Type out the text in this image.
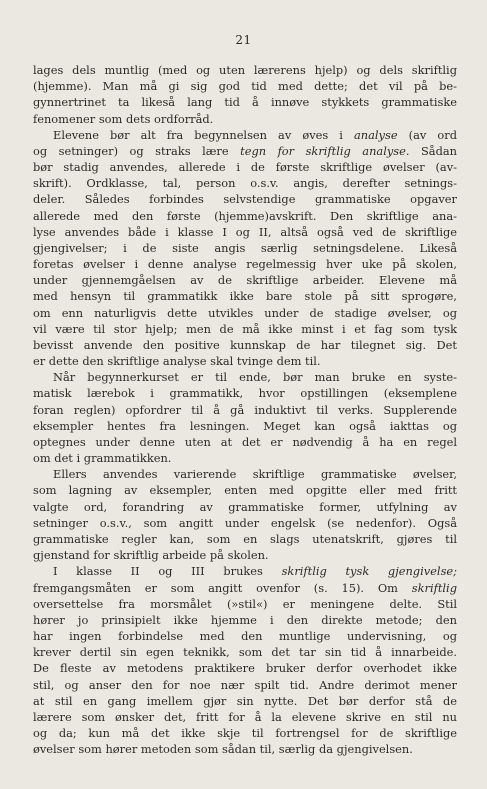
21
lages dels muntlig (med og uten lærerens hjelp) og dels skriftlig
(hjemme). Man må gi sig god tid med dette; det vil på be-
gynnertrinet ta likeså lang tid å innøve stykkets grammatiske
fenomener som dets ordforråd.
Elevene bør alt fra begynnelsen av øves i analyse (av ord
og setninger) og straks lære tegn for skriftlig analyse. Sådan
bør stadig anvendes, allerede i de første skriftlige øvelser (av-
skrift). Ordklasse, tal, person o.s.v. angis, derefter setnings-
deler. Således forbindes selvstendige grammatiske opgaver
allerede med den første (hjemme)avskrift. Den skriftlige ana-
lyse anvendes både i klasse I og II, altså også ved de skriftlige
gjengivelser; i de siste angis særlig setningsdelene. Likeså
foretas øvelser i denne analyse regelmessig hver uke på skolen,
under gjennemgåelsen av de skriftlige arbeider. Elevene må
med hensyn til grammatikk ikke bare stole på sitt sprogøre,
om enn naturligvis dette utvikles under de stadige øvelser, og
vil være til stor hjelp; men de må ikke minst i et fag som tysk
bevisst anvende den positive kunnskap de har tilegnet sig. Det
er dette den skriftlige analyse skal tvinge dem til.
Når begynnerkurset er til ende, bør man bruke en syste-
matisk lærebok i grammatikk, hvor opstillingen (eksemplene
foran reglen) opfordrer til å gå induktivt til verks. Supplerende
eksempler hentes fra lesningen. Meget kan også iakttas og
optegnes under denne uten at det er nødvendig å ha en regel
om det i grammatikken.
Ellers anvendes varierende skriftlige grammatiske øvelser,
som lagning av eksempler, enten med opgitte eller med fritt
valgte ord, forandring av grammatiske former, utfylning av
setninger o.s.v., som angitt under engelsk (se nedenfor). Også
grammatiske regler kan, som en slags utenatskrift, gjøres til
gjenstand for skriftlig arbeide på skolen.
I klasse II og III brukes skriftlig tysk gjengivelse;
fremgangsmåten er som angitt ovenfor (s. 15). Om skriftlig
oversettelse fra morsmålet (»stil«) er meningene delte. Stil
hører jo prinsipielt ikke hjemme i den direkte metode; den
har ingen forbindelse med den muntlige undervisning, og
krever dertil sin egen teknikk, som det tar sin tid å innarbeide.
De fleste av metodens praktikere bruker derfor overhodet ikke
stil, og anser den for noe nær spilt tid. Andre derimot mener
at stil en gang imellem gjør sin nytte. Det bør derfor stå de
lærere som ønsker det, fritt for å la elevene skrive en stil nu
og da; kun må det ikke skje til fortrengsel for de skriftlige
øvelser som hører metoden som sådan til, særlig da gjengivelsen.
